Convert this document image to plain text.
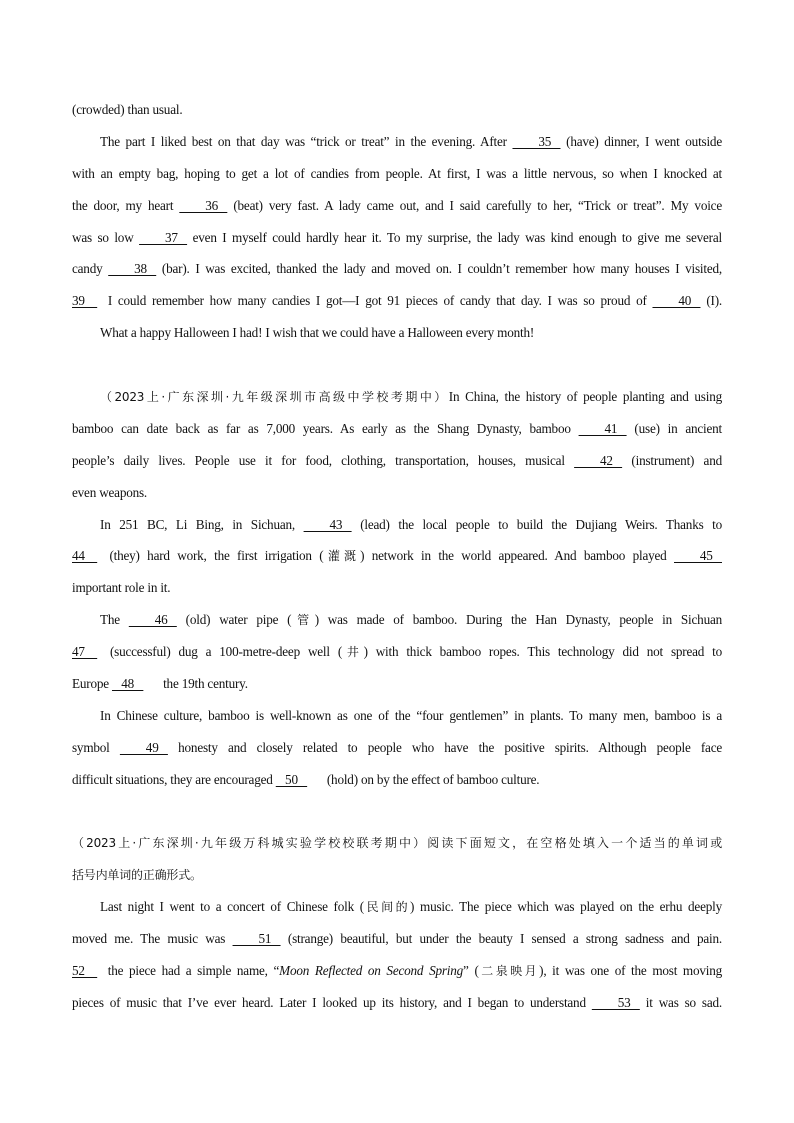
(crowded) than usual.
The part I liked best on that day was “trick or treat” in the evening. After    35    (have) dinner, I went outside
with an empty bag, hoping to get a lot of candies from people. At first, I was a little nervous, so when I knocked at
the door, my heart    36    (beat) very fast. A lady came out, and I said carefully to her, “Trick or treat”. My voice
was so low    37    even I myself could hardly hear it. To my surprise, the lady was kind enough to give me several
candy    38    (bar). I was excited, thanked the lady and moved on. I couldn’t remember how many houses I visited,
39     I could remember how many candies I got—I got 91 pieces of candy that day. I was so proud of    40    (I).
What a happy Halloween I had! I wish that we could have a Halloween every month!
（2023上·广东深圳·九年级深圳市高级中学校考期中）In China, the history of people planting and using
bamboo can date back as far as 7,000 years. As early as the Shang Dynasty, bamboo    41    (use) in ancient
people’s daily lives. People use it for food, clothing, transportation, houses, musical    42    (instrument) and
even weapons.
In 251 BC, Li Bing, in Sichuan,    43    (lead) the local people to build the Dujiang Weirs. Thanks to
44     (they) hard work, the first irrigation (灌溉) network in the world appeared. And bamboo played    45
important role in it.
The    46    (old) water pipe (管) was made of bamboo. During the Han Dynasty, people in Sichuan
47     (successful) dug a 100-metre-deep well (井) with thick bamboo ropes. This technology did not spread to
Europe    48    the 19th century.
In Chinese culture, bamboo is well-known as one of the “four gentlemen” in plants. To many men, bamboo is a
symbol    49    honesty and closely related to people who have the positive spirits. Although people face
difficult situations, they are encouraged    50    (hold) on by the effect of bamboo culture.
（2023上·广东深圳·九年级万科城实验学校校联考期中）阅读下面短文，在空格处填入一个适当的单词或
括号内单词的正确形式。
Last night I went to a concert of Chinese folk (民间的) music. The piece which was played on the erhu deeply
moved me. The music was    51    (strange) beautiful, but under the beauty I sensed a strong sadness and pain.
52     the piece had a simple name, “Moon Reflected on Second Spring” (二泉映月), it was one of the most moving
pieces of music that I’ve ever heard. Later I looked up its history, and I began to understand    53    it was so sad.
